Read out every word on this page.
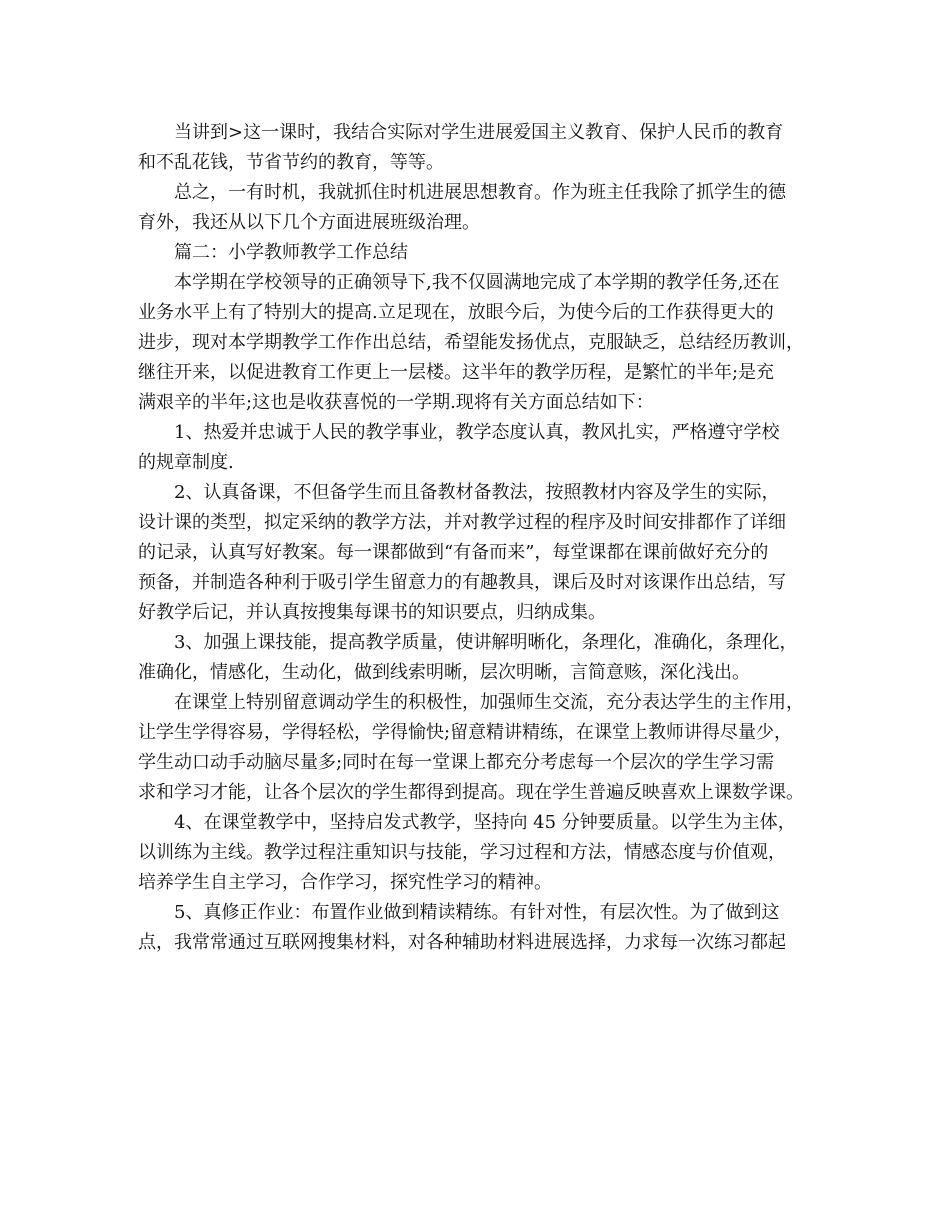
当讲到>这一课时，我结合实际对学生进展爱国主义教育、保护人民币的教育
和不乱花钱，节省节约的教育，等等。
总之，一有时机，我就抓住时机进展思想教育。作为班主任我除了抓学生的德
育外，我还从以下几个方面进展班级治理。
篇二：小学教师教学工作总结
本学期在学校领导的正确领导下,我不仅圆满地完成了本学期的教学任务,还在
业务水平上有了特别大的提高.立足现在，放眼今后，为使今后的工作获得更大的
进步，现对本学期教学工作作出总结，希望能发扬优点，克服缺乏，总结经历教训，
继往开来，以促进教育工作更上一层楼。这半年的教学历程，是繁忙的半年;是充
满艰辛的半年;这也是收获喜悦的一学期.现将有关方面总结如下：
1、热爱并忠诚于人民的教学事业，教学态度认真，教风扎实，严格遵守学校
的规章制度.
2、认真备课，不但备学生而且备教材备教法，按照教材内容及学生的实际，
设计课的类型，拟定采纳的教学方法，并对教学过程的程序及时间安排都作了详细
的记录，认真写好教案。每一课都做到“有备而来”，每堂课都在课前做好充分的
预备，并制造各种利于吸引学生留意力的有趣教具，课后及时对该课作出总结，写
好教学后记，并认真按搜集每课书的知识要点，归纳成集。
3、加强上课技能，提高教学质量，使讲解明晰化，条理化，准确化，条理化，
准确化，情感化，生动化，做到线索明晰，层次明晰，言简意赅，深化浅出。
在课堂上特别留意调动学生的积极性，加强师生交流，充分表达学生的主作用，
让学生学得容易，学得轻松，学得愉快;留意精讲精练，在课堂上教师讲得尽量少，
学生动口动手动脑尽量多;同时在每一堂课上都充分考虑每一个层次的学生学习需
求和学习才能，让各个层次的学生都得到提高。现在学生普遍反映喜欢上课数学课。
4、在课堂教学中，坚持启发式教学，坚持向 45 分钟要质量。以学生为主体，
以训练为主线。教学过程注重知识与技能，学习过程和方法，情感态度与价值观，
培养学生自主学习，合作学习，探究性学习的精神。
5、真修正作业：布置作业做到精读精练。有针对性，有层次性。为了做到这
点，我常常通过互联网搜集材料，对各种辅助材料进展选择，力求每一次练习都起
